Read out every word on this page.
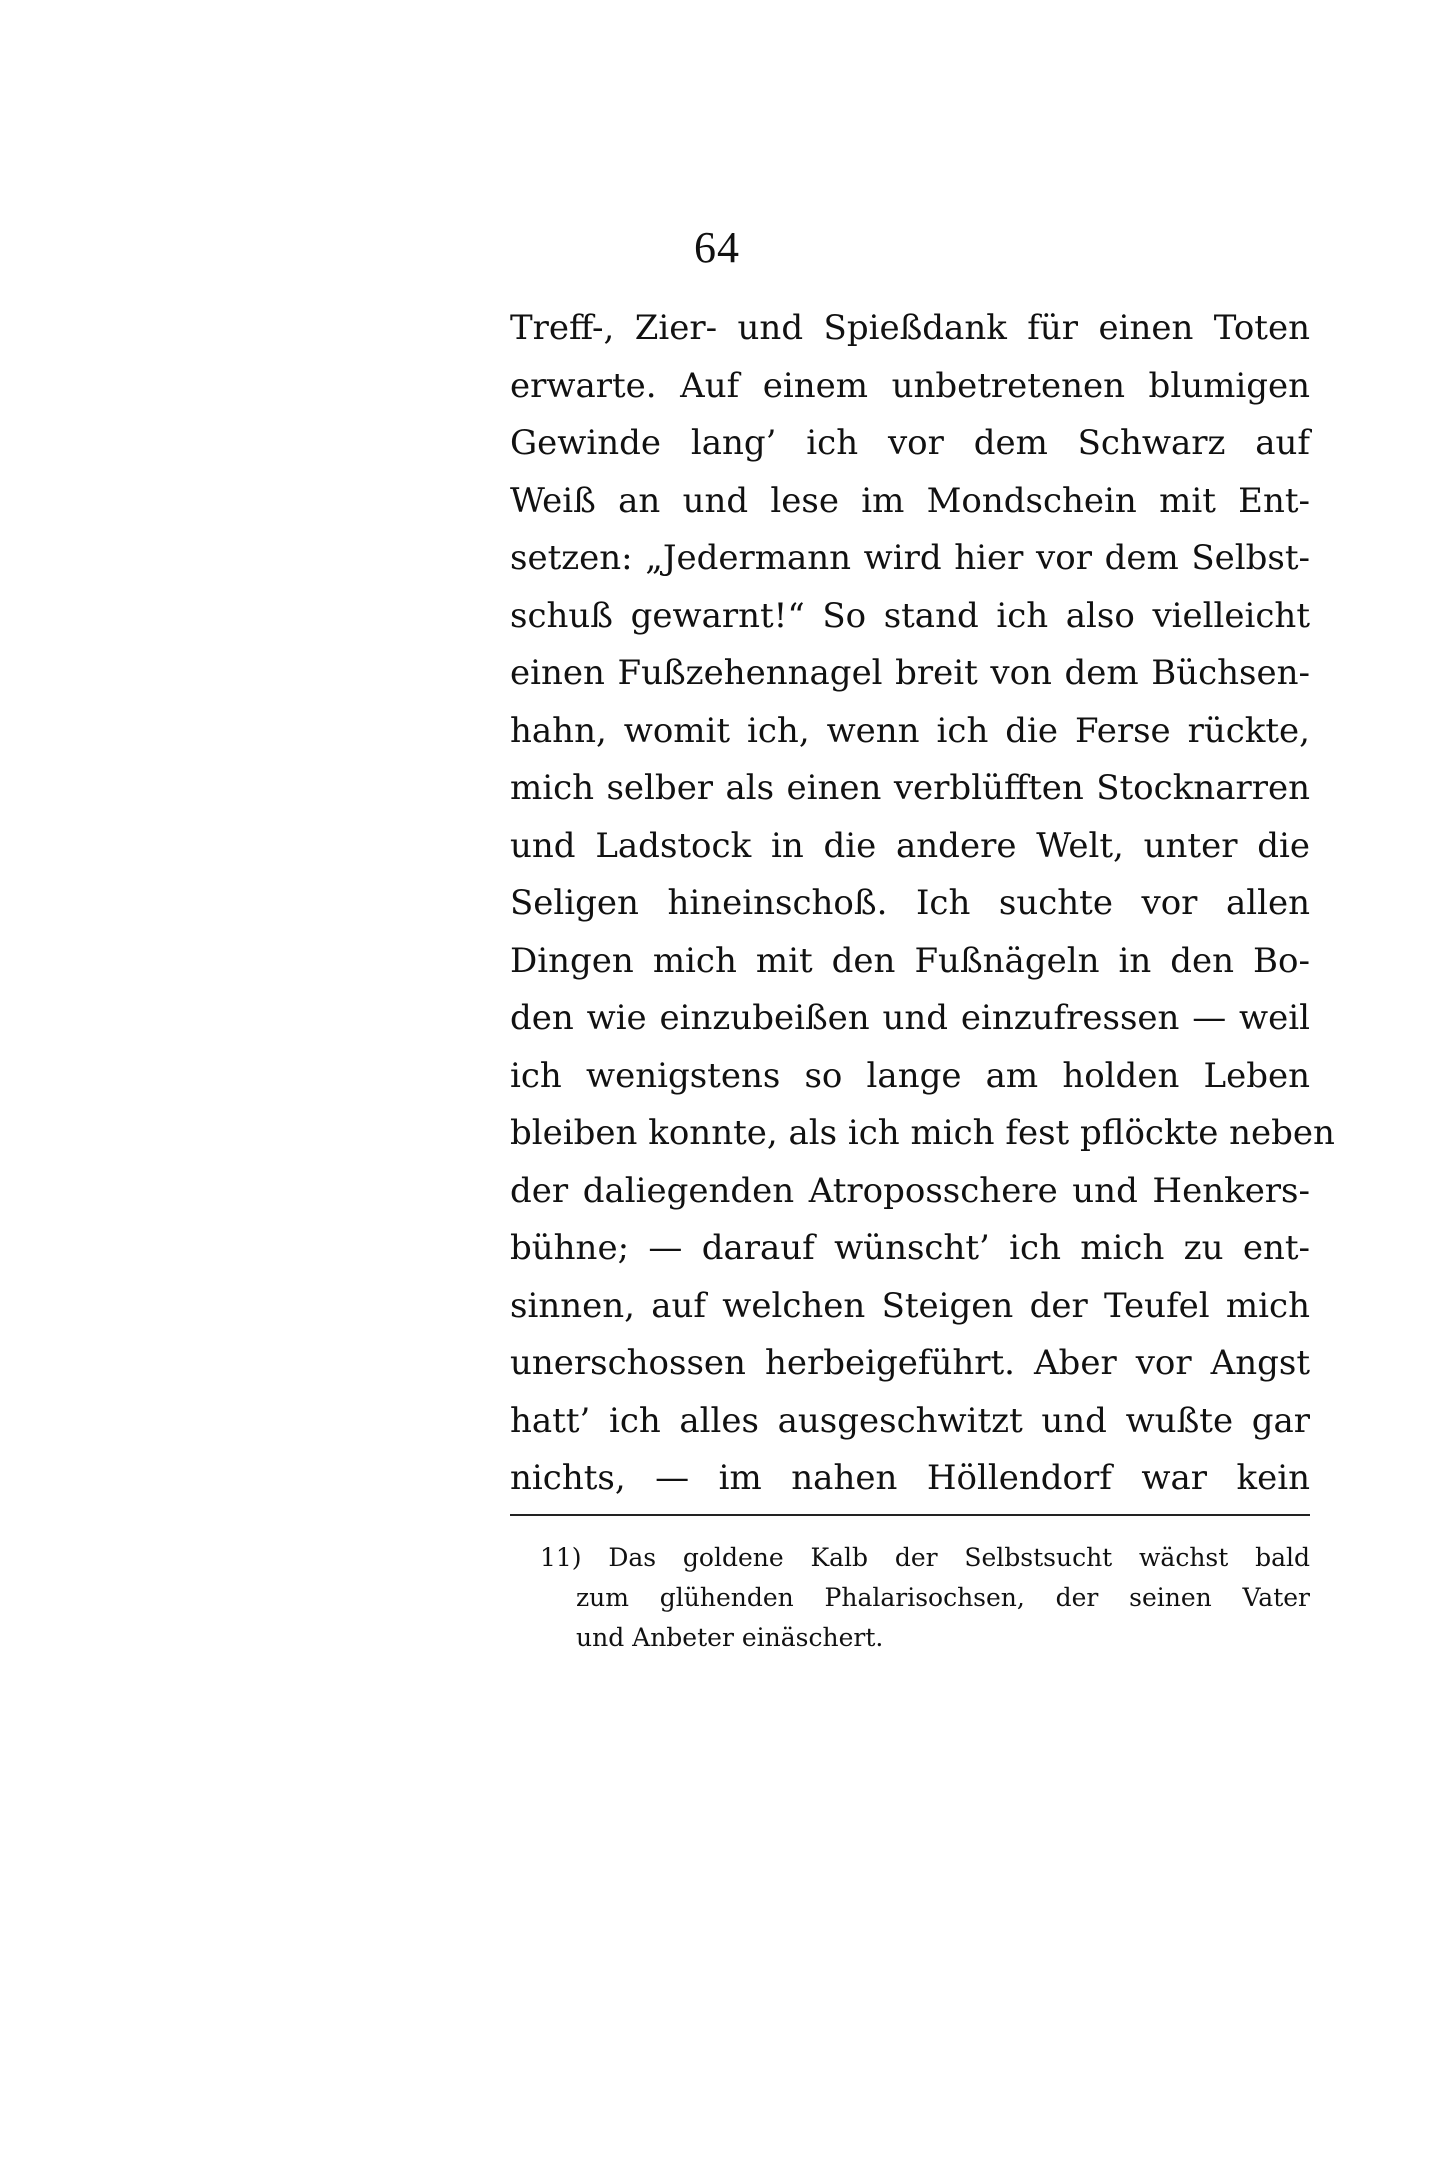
64
Treff-, Zier- und Spießdank für einen Toten
erwarte. Auf einem unbetretenen blumigen
Gewinde lang’ ich vor dem Schwarz auf
Weiß an und lese im Mondschein mit Ent-
setzen: „Jedermann wird hier vor dem Selbst-
schuß gewarnt!“ So stand ich also vielleicht
einen Fußzehennagel breit von dem Büchsen-
hahn, womit ich, wenn ich die Ferse rückte,
mich selber als einen verblüfften Stocknarren
und Ladstock in die andere Welt, unter die
Seligen hineinschoß. Ich suchte vor allen
Dingen mich mit den Fußnägeln in den Bo-
den wie einzubeißen und einzufressen — weil
ich wenigstens so lange am holden Leben
bleiben konnte, als ich mich fest pflöckte neben
der daliegenden Atroposschere und Henkers-
bühne; — darauf wünscht’ ich mich zu ent-
sinnen, auf welchen Steigen der Teufel mich
unerschossen herbeigeführt. Aber vor Angst
hatt’ ich alles ausgeschwitzt und wußte gar
nichts, — im nahen Höllendorf war kein
11) Das goldene Kalb der Selbstsucht wächst bald
zum glühenden Phalarisochsen, der seinen Vater
und Anbeter einäschert.
